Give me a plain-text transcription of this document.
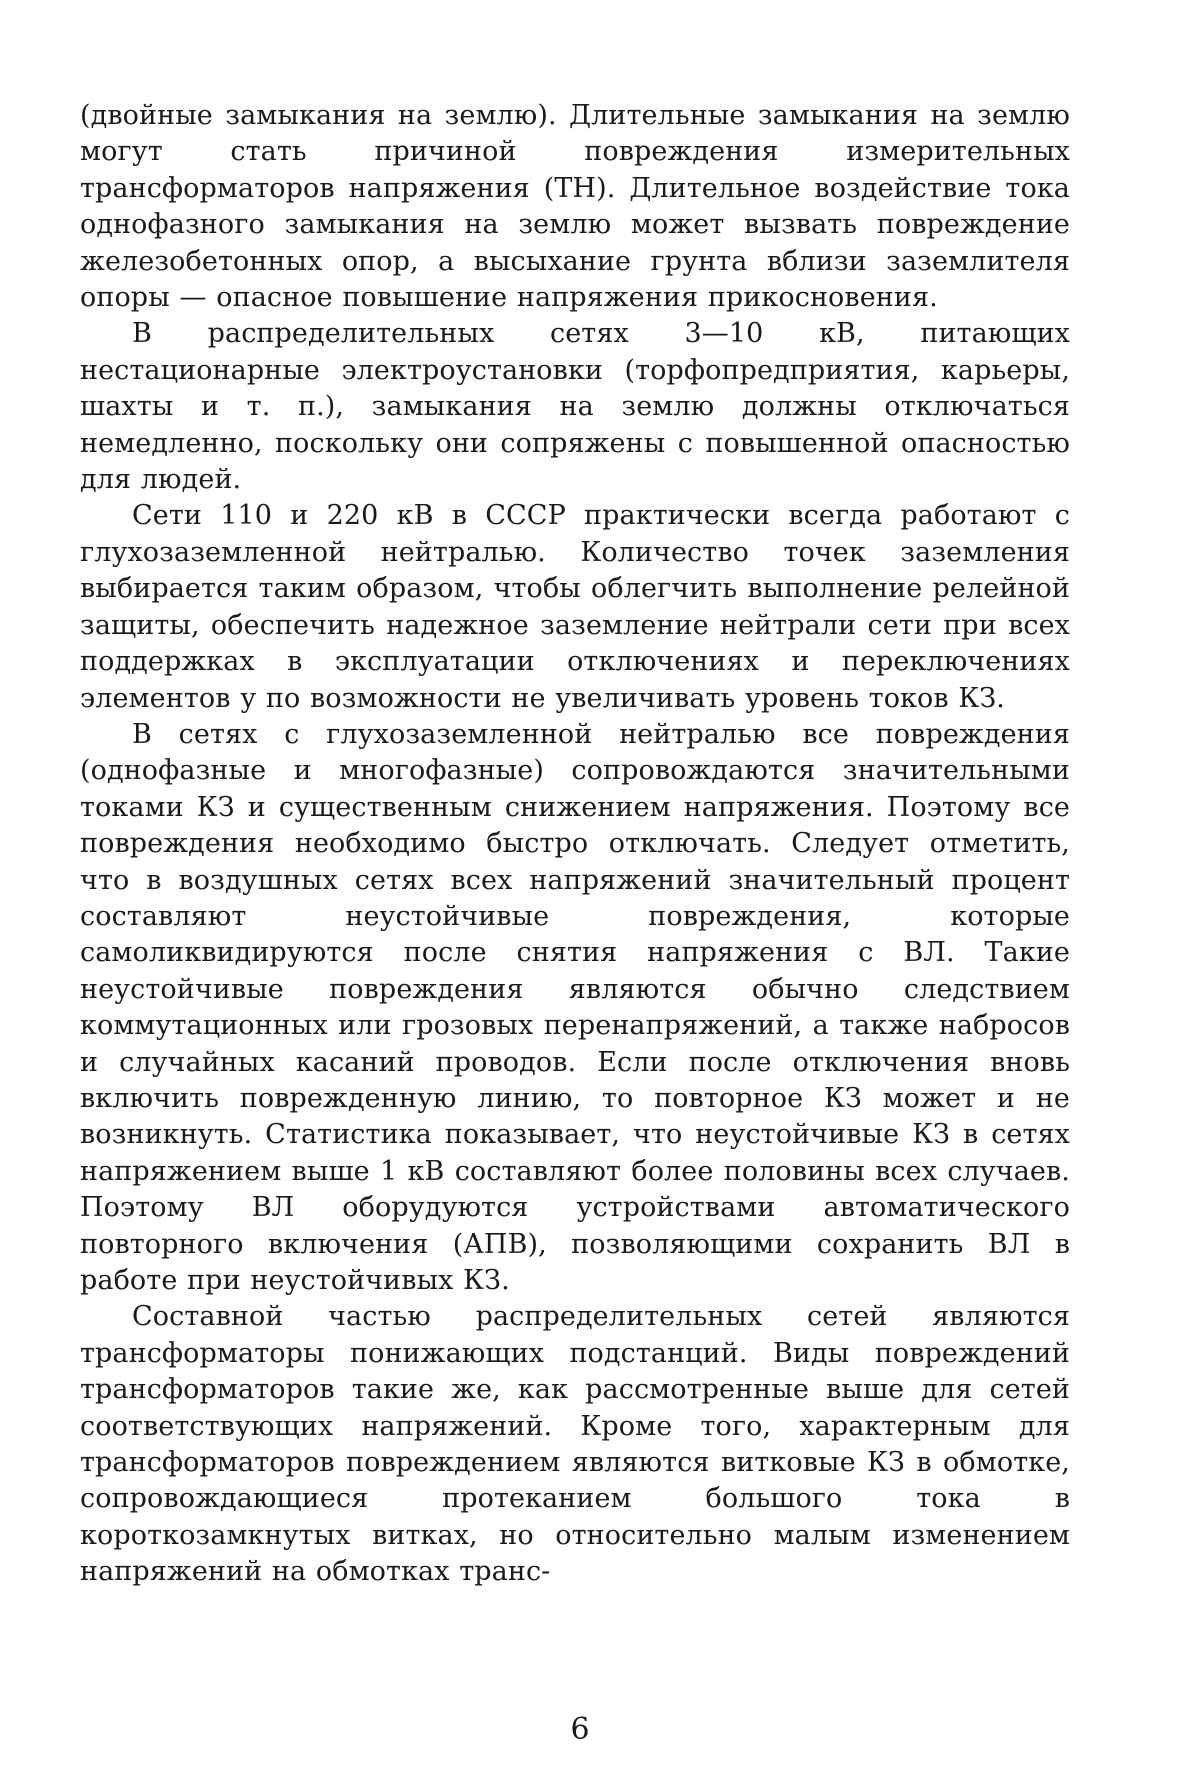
(двойные замыкания на землю). Длительные замыкания на землю могут стать причиной повреждения измерительных трансформаторов напряжения (ТН). Длительное воздействие тока однофазного замыкания на землю может вызвать повреждение железобетонных опор, а высыхание грунта вблизи заземлителя опоры — опасное повышение напряжения прикосновения.

В распределительных сетях 3—10 кВ, питающих нестационарные электроустановки (торфопредприятия, карьеры, шахты и т. п.), замыкания на землю должны отключаться немедленно, поскольку они сопряжены с повышенной опасностью для людей.

Сети 110 и 220 кВ в СССР практически всегда работают с глухозаземленной нейтралью. Количество точек заземления выбирается таким образом, чтобы облегчить выполнение релейной защиты, обеспечить надежное заземление нейтрали сети при всех поддержках в эксплуатации отключениях и переключениях элементов у по возможности не увеличивать уровень токов КЗ.

В сетях с глухозаземленной нейтралью все повреждения (однофазные и многофазные) сопровождаются значительными токами КЗ и существенным снижением напряжения. Поэтому все повреждения необходимо быстро отключать. Следует отметить, что в воздушных сетях всех напряжений значительный процент составляют неустойчивые повреждения, которые самоликвидируются после снятия напряжения с ВЛ. Такие неустойчивые повреждения являются обычно следствием коммутационных или грозовых перенапряжений, а также набросов и случайных касаний проводов. Если после отключения вновь включить поврежденную линию, то повторное КЗ может и не возникнуть. Статистика показывает, что неустойчивые КЗ в сетях напряжением выше 1 кВ составляют более половины всех случаев. Поэтому ВЛ оборудуются устройствами автоматического повторного включения (АПВ), позволяющими сохранить ВЛ в работе при неустойчивых КЗ.

Составной частью распределительных сетей являются трансформаторы понижающих подстанций. Виды повреждений трансформаторов такие же, как рассмотренные выше для сетей соответствующих напряжений. Кроме того, характерным для трансформаторов повреждением являются витковые КЗ в обмотке, сопровождающиеся протеканием большого тока в короткозамкнутых витках, но относительно малым изменением напряжений на обмотках транс-

6
